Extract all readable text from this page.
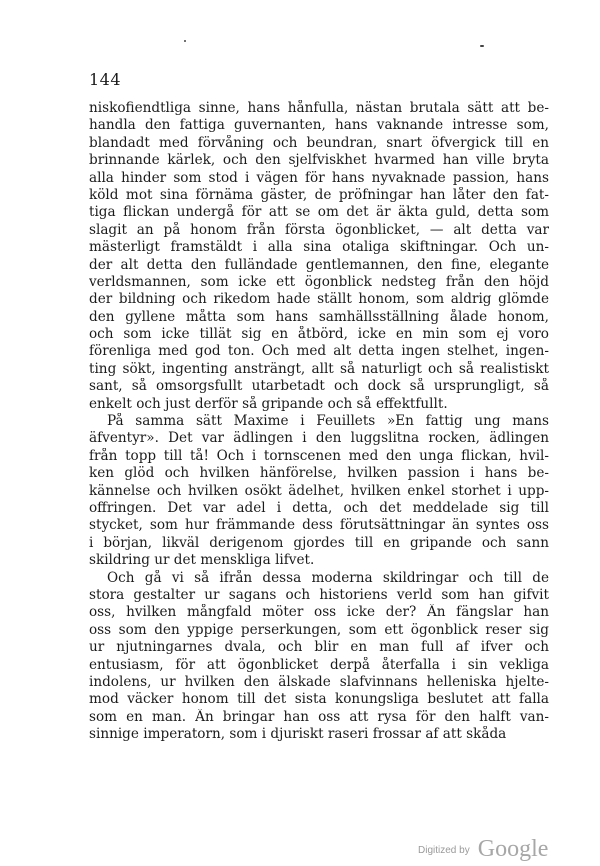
144
niskofiendtliga sinne, hans hånfulla, nästan brutala sätt att be-
handla den fattiga guvernanten, hans vaknande intresse som,
blandadt med förvåning och beundran, snart öfvergick till en
brinnande kärlek, och den sjelfviskhet hvarmed han ville bryta
alla hinder som stod i vägen för hans nyvaknade passion, hans
köld mot sina förnäma gäster, de pröfningar han låter den fat-
tiga flickan undergå för att se om det är äkta guld, detta som
slagit an på honom från första ögonblicket, — alt detta var
mästerligt framstäldt i alla sina otaliga skiftningar. Och un-
der alt detta den fulländade gentlemannen, den fine, elegante
verldsmannen, som icke ett ögonblick nedsteg från den höjd
der bildning och rikedom hade ställt honom, som aldrig glömde
den gyllene måtta som hans samhällsställning ålade honom,
och som icke tillät sig en åtbörd, icke en min som ej voro
förenliga med god ton. Och med alt detta ingen stelhet, ingen-
ting sökt, ingenting ansträngt, allt så naturligt och så realistiskt
sant, så omsorgsfullt utarbetadt och dock så ursprungligt, så
enkelt och just derför så gripande och så effektfullt.
På samma sätt Maxime i Feuillets »En fattig ung mans
äfventyr». Det var ädlingen i den luggslitna rocken, ädlingen
från topp till tå! Och i tornscenen med den unga flickan, hvil-
ken glöd och hvilken hänförelse, hvilken passion i hans be-
kännelse och hvilken osökt ädelhet, hvilken enkel storhet i upp-
offringen. Det var adel i detta, och det meddelade sig till
stycket, som hur främmande dess förutsättningar än syntes oss
i början, likväl derigenom gjordes till en gripande och sann
skildring ur det menskliga lifvet.
Och gå vi så ifrån dessa moderna skildringar och till de
stora gestalter ur sagans och historiens verld som han gifvit
oss, hvilken mångfald möter oss icke der? Än fängslar han
oss som den yppige perserkungen, som ett ögonblick reser sig
ur njutningarnes dvala, och blir en man full af ifver och
entusiasm, för att ögonblicket derpå återfalla i sin vekliga
indolens, ur hvilken den älskade slafvinnans helleniska hjelte-
mod väcker honom till det sista konungsliga beslutet att falla
som en man. Än bringar han oss att rysa för den halft van-
sinnige imperatorn, som i djuriskt raseri frossar af att skåda
Digitized by Google
